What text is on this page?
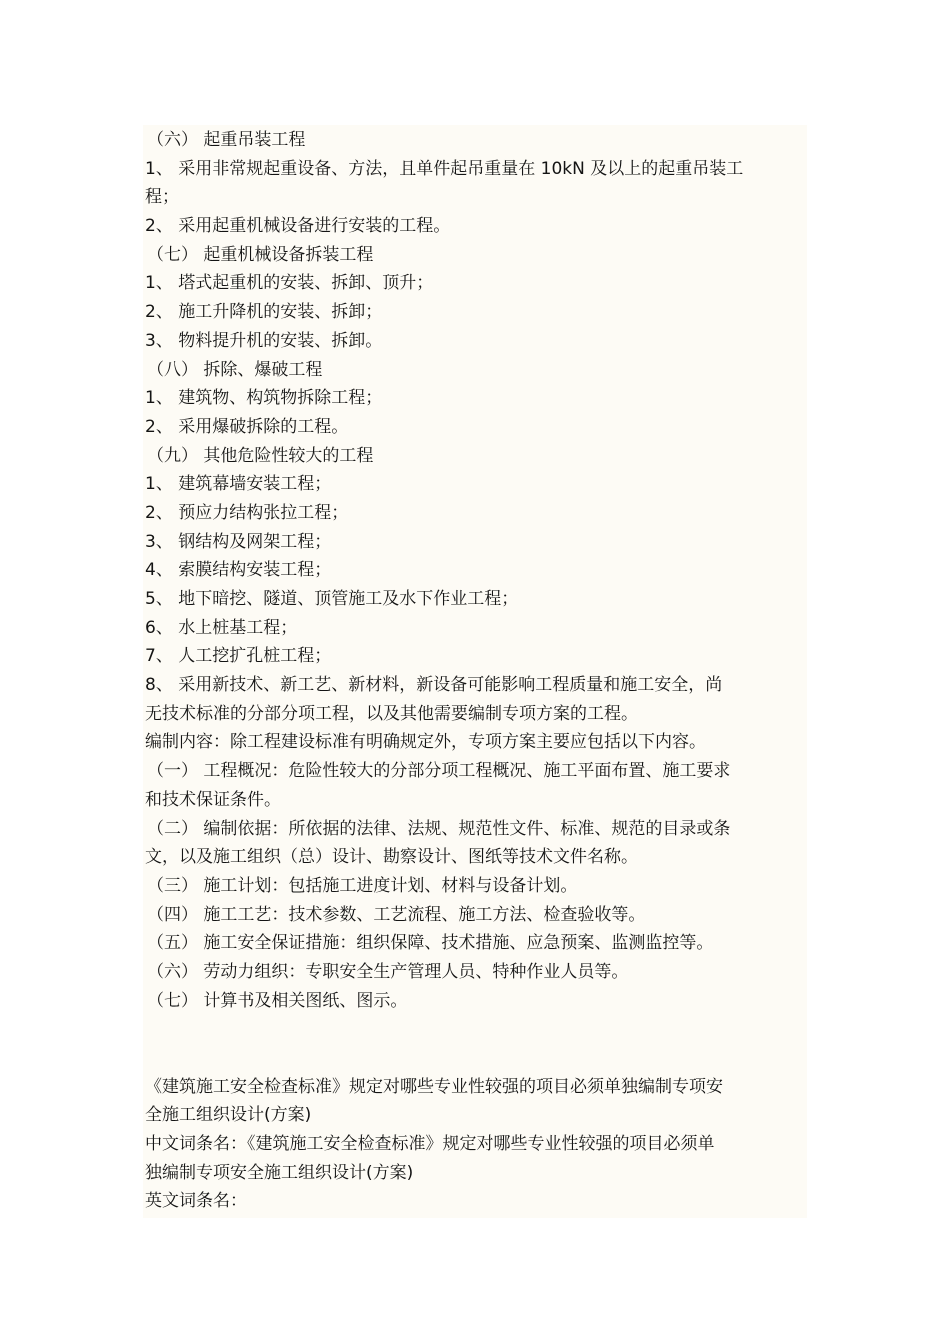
（六） 起重吊装工程
1、 采用非常规起重设备、方法，且单件起吊重量在 10kN 及以上的起重吊装工
程；
2、 采用起重机械设备进行安装的工程。
（七） 起重机械设备拆装工程
1、 塔式起重机的安装、拆卸、顶升；
2、 施工升降机的安装、拆卸；
3、 物料提升机的安装、拆卸。
（八） 拆除、爆破工程
1、 建筑物、构筑物拆除工程；
2、 采用爆破拆除的工程。
（九） 其他危险性较大的工程
1、 建筑幕墙安装工程；
2、 预应力结构张拉工程；
3、 钢结构及网架工程；
4、 索膜结构安装工程；
5、 地下暗挖、隧道、顶管施工及水下作业工程；
6、 水上桩基工程；
7、 人工挖扩孔桩工程；
8、 采用新技术、新工艺、新材料，新设备可能影响工程质量和施工安全，尚
无技术标准的分部分项工程，以及其他需要编制专项方案的工程。
编制内容：除工程建设标准有明确规定外，专项方案主要应包括以下内容。
（一） 工程概况：危险性较大的分部分项工程概况、施工平面布置、施工要求
和技术保证条件。
（二） 编制依据：所依据的法律、法规、规范性文件、标准、规范的目录或条
文，以及施工组织（总）设计、勘察设计、图纸等技术文件名称。
（三） 施工计划：包括施工进度计划、材料与设备计划。
（四） 施工工艺：技术参数、工艺流程、施工方法、检查验收等。
（五） 施工安全保证措施：组织保障、技术措施、应急预案、监测监控等。
（六） 劳动力组织：专职安全生产管理人员、特种作业人员等。
（七） 计算书及相关图纸、图示。
《建筑施工安全检查标准》规定对哪些专业性较强的项目必须单独编制专项安
全施工组织设计(方案)
中文词条名：《建筑施工安全检查标准》规定对哪些专业性较强的项目必须单
独编制专项安全施工组织设计(方案)
英文词条名：
